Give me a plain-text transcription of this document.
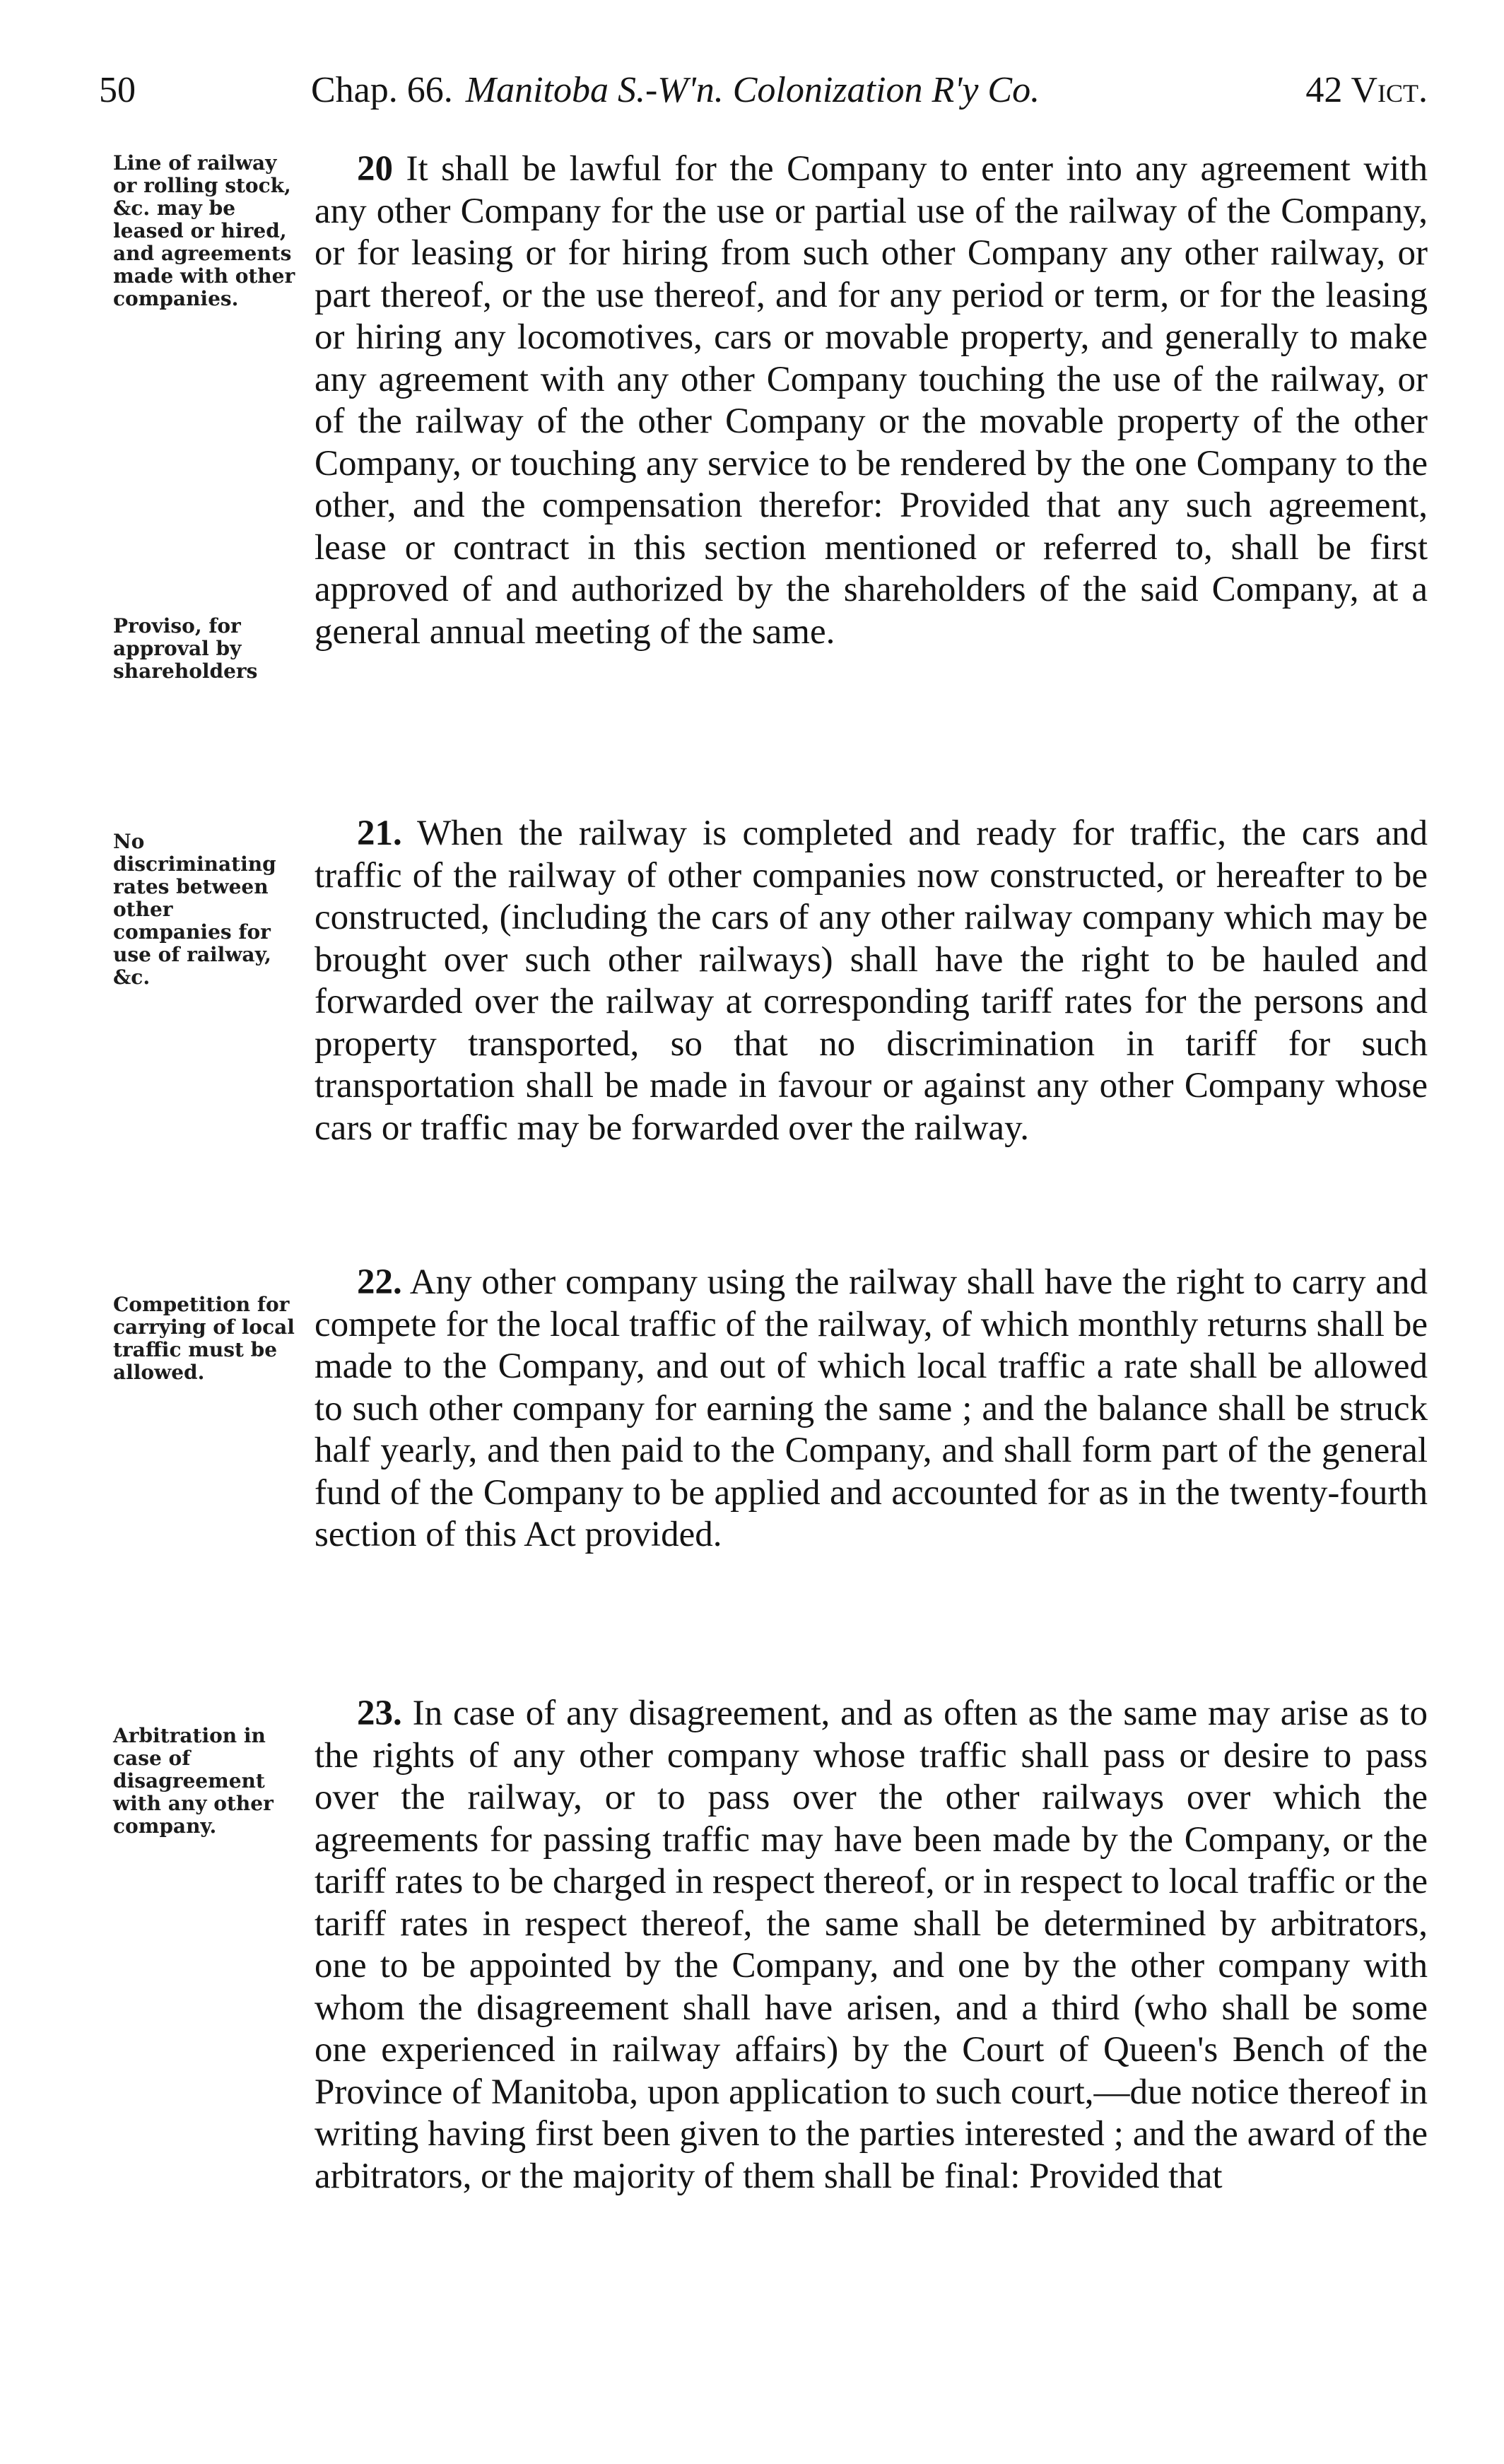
50	Chap. 66. Manitoba S.-W'n. Colonization R'y Co.	42 Vict.
Line of railway or rolling stock, &c. may be leased or hired, and agreements made with other companies.
Proviso, for approval by shareholders
20 It shall be lawful for the Company to enter into any agreement with any other Company for the use or partial use of the railway of the Company, or for leasing or for hiring from such other Company any other railway, or part thereof, or the use thereof, and for any period or term, or for the leasing or hiring any locomotives, cars or movable property, and generally to make any agreement with any other Company touching the use of the railway, or of the railway of the other Company or the movable property of the other Company, or touching any service to be rendered by the one Company to the other, and the compensation therefor: Provided that any such agreement, lease or contract in this section mentioned or referred to, shall be first approved of and authorized by the shareholders of the said Company, at a general annual meeting of the same.
No discriminating rates between other companies for use of railway, &c.
21. When the railway is completed and ready for traffic, the cars and traffic of the railway of other companies now constructed, or hereafter to be constructed, (including the cars of any other railway company which may be brought over such other railways) shall have the right to be hauled and forwarded over the railway at corresponding tariff rates for the persons and property transported, so that no discrimination in tariff for such transportation shall be made in favour or against any other Company whose cars or traffic may be forwarded over the railway.
Competition for carrying of local traffic must be allowed.
22. Any other company using the railway shall have the right to carry and compete for the local traffic of the railway, of which monthly returns shall be made to the Company, and out of which local traffic a rate shall be allowed to such other company for earning the same ; and the balance shall be struck half yearly, and then paid to the Company, and shall form part of the general fund of the Company to be applied and accounted for as in the twenty-fourth section of this Act provided.
Arbitration in case of disagreement with any other company.
23. In case of any disagreement, and as often as the same may arise as to the rights of any other company whose traffic shall pass or desire to pass over the railway, or to pass over the other railways over which the agreements for passing traffic may have been made by the Company, or the tariff rates to be charged in respect thereof, or in respect to local traffic or the tariff rates in respect thereof, the same shall be determined by arbitrators, one to be appointed by the Company, and one by the other company with whom the disagreement shall have arisen, and a third (who shall be some one experienced in railway affairs) by the Court of Queen's Bench of the Province of Manitoba, upon application to such court,—due notice thereof in writing having first been given to the parties interested ; and the award of the arbitrators, or the majority of them shall be final: Provided that
